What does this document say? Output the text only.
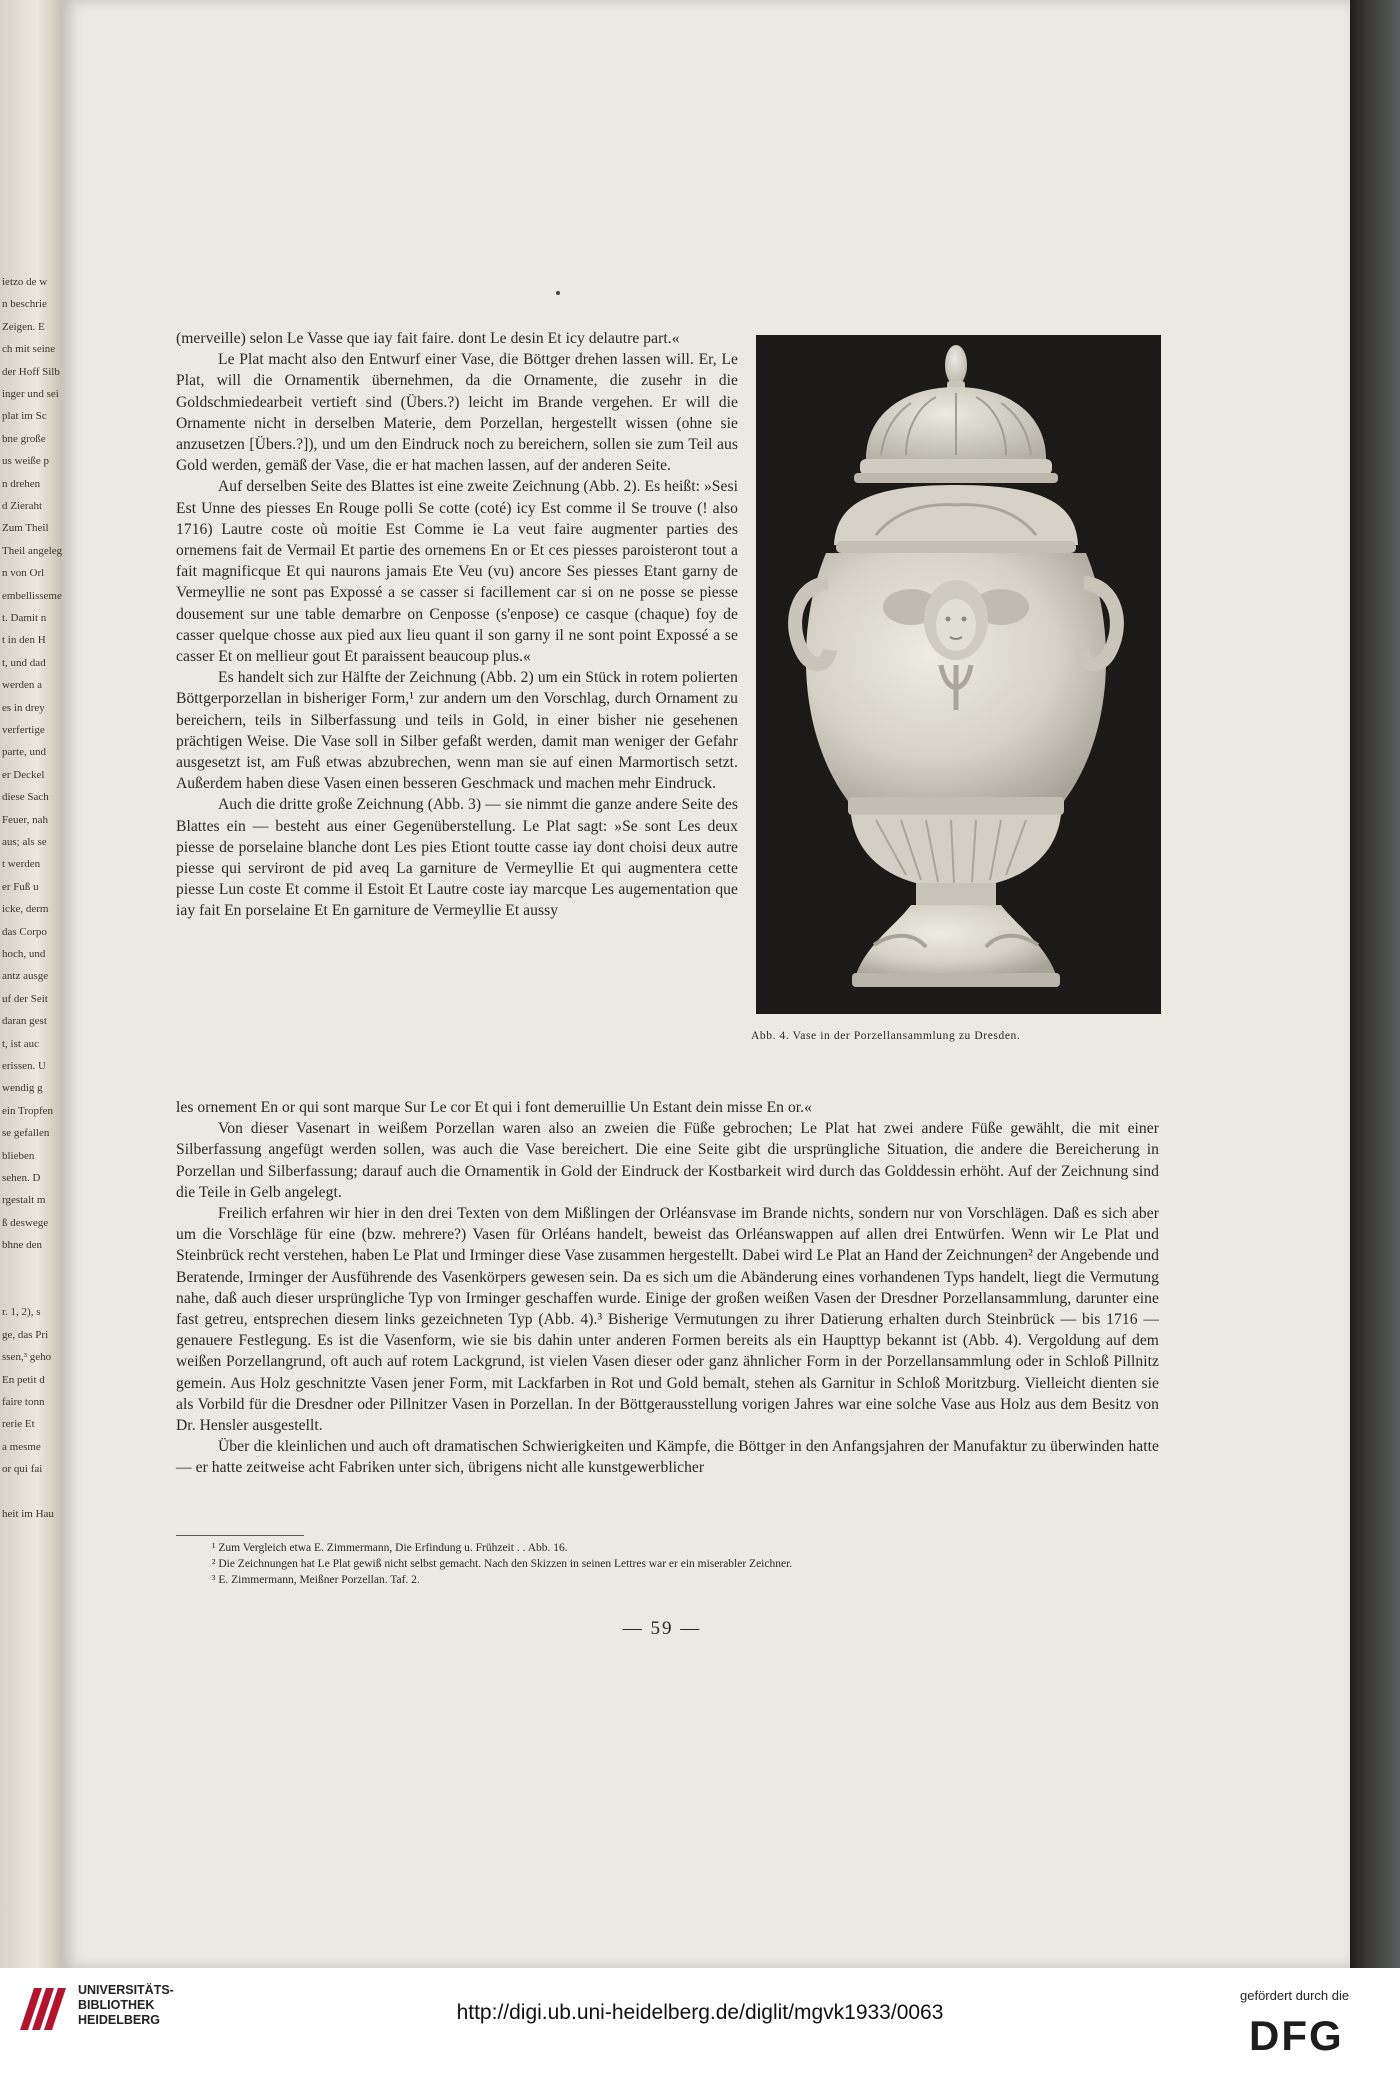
ietzo de w
n beschrie
Zeigen. E
ch mit seine
der Hoff Silb
inger und sei
plat im Sc
bne große
us weiße p
n drehen
d Zieraht
Zum Theil
Theil angeleg
n von Orl
embellisseme
t. Damit n
t in den H
t, und dad
werden a
es in drey
verfertige
parte, und
er Deckel
diese Sach
Feuer, nah
aus; als se
t werden
er Fuß u
icke, derm
das Corpo
hoch, und
antz ausge
uf der Seit
daran gest
t, ist auc
erissen. U
wendig g
ein Tropfen
se gefallen
blieben
sehen. D
rgestalt m
ß deswege
bhne den
r. 1, 2), s
ge, das Pri
ssen,³ geho
En petit d
faire tonn
rerie Et
a mesme
or qui fai
heit im Hau

(merveille) selon Le Vasse que iay fait faire. dont Le desin Et icy delautre part.«

Le Plat macht also den Entwurf einer Vase, die Böttger drehen lassen will. Er, Le Plat, will die Ornamentik übernehmen, da die Ornamente, die zusehr in die Goldschmiedearbeit vertieft sind (Übers.?) leicht im Brande vergehen. Er will die Ornamente nicht in derselben Materie, dem Porzellan, hergestellt wissen (ohne sie anzusetzen [Übers.?]), und um den Eindruck noch zu bereichern, sollen sie zum Teil aus Gold werden, gemäß der Vase, die er hat machen lassen, auf der anderen Seite.

Auf derselben Seite des Blattes ist eine zweite Zeichnung (Abb. 2). Es heißt: »Sesi Est Unne des piesses En Rouge polli Se cotte (coté) icy Est comme il Se trouve (! also 1716) Lautre coste où moitie Est Comme ie La veut faire augmenter parties des ornemens fait de Vermail Et partie des ornemens En or Et ces piesses paroisteront tout a fait magnificque Et qui naurons jamais Ete Veu (vu) ancore Ses piesses Etant garny de Vermeyllie ne sont pas Expossé a se casser si facillement car si on ne posse se piesse dousement sur une table demarbre on Cenposse (s'enpose) ce casque (chaque) foy de casser quelque chosse aux pied aux lieu quant il son garny il ne sont point Expossé a se casser Et on mellieur gout Et paraissent beaucoup plus.«

Es handelt sich zur Hälfte der Zeichnung (Abb. 2) um ein Stück in rotem polierten Böttgerporzellan in bisheriger Form,¹ zur andern um den Vorschlag, durch Ornament zu bereichern, teils in Silberfassung und teils in Gold, in einer bisher nie gesehenen prächtigen Weise. Die Vase soll in Silber gefaßt werden, damit man weniger der Gefahr ausgesetzt ist, am Fuß etwas abzubrechen, wenn man sie auf einen Marmortisch setzt. Außerdem haben diese Vasen einen besseren Geschmack und machen mehr Eindruck.

Auch die dritte große Zeichnung (Abb. 3) — sie nimmt die ganze andere Seite des Blattes ein — besteht aus einer Gegenüberstellung. Le Plat sagt: »Se sont Les deux piesse de porselaine blanche dont Les pies Etiont toutte casse iay dont choisi deux autre piesse qui serviront de pid aveq La garniture de Vermeyllie Et qui augmentera cette piesse Lun coste Et comme il Estoit Et Lautre coste iay marcque Les augementation que iay fait En porselaine Et En garniture de Vermeyllie Et aussy

Abb. 4. Vase in der Porzellansammlung zu Dresden.

les ornement En or qui sont marque Sur Le cor Et qui i font demeruillie Un Estant dein misse En or.«

Von dieser Vasenart in weißem Porzellan waren also an zweien die Füße gebrochen; Le Plat hat zwei andere Füße gewählt, die mit einer Silberfassung angefügt werden sollen, was auch die Vase bereichert. Die eine Seite gibt die ursprüngliche Situation, die andere die Bereicherung in Porzellan und Silberfassung; darauf auch die Ornamentik in Gold der Eindruck der Kostbarkeit wird durch das Golddessin erhöht. Auf der Zeichnung sind die Teile in Gelb angelegt.

Freilich erfahren wir hier in den drei Texten von dem Mißlingen der Orléansvase im Brande nichts, sondern nur von Vorschlägen. Daß es sich aber um die Vorschläge für eine (bzw. mehrere?) Vasen für Orléans handelt, beweist das Orléanswappen auf allen drei Entwürfen. Wenn wir Le Plat und Steinbrück recht verstehen, haben Le Plat und Irminger diese Vase zusammen hergestellt. Dabei wird Le Plat an Hand der Zeichnungen² der Angebende und Beratende, Irminger der Ausführende des Vasenkörpers gewesen sein. Da es sich um die Abänderung eines vorhandenen Typs handelt, liegt die Vermutung nahe, daß auch dieser ursprüngliche Typ von Irminger geschaffen wurde. Einige der großen weißen Vasen der Dresdner Porzellansammlung, darunter eine fast getreu, entsprechen diesem links gezeichneten Typ (Abb. 4).³ Bisherige Vermutungen zu ihrer Datierung erhalten durch Steinbrück — bis 1716 — genauere Festlegung. Es ist die Vasenform, wie sie bis dahin unter anderen Formen bereits als ein Haupttyp bekannt ist (Abb. 4). Vergoldung auf dem weißen Porzellangrund, oft auch auf rotem Lackgrund, ist vielen Vasen dieser oder ganz ähnlicher Form in der Porzellansammlung oder in Schloß Pillnitz gemein. Aus Holz geschnitzte Vasen jener Form, mit Lackfarben in Rot und Gold bemalt, stehen als Garnitur in Schloß Moritzburg. Vielleicht dienten sie als Vorbild für die Dresdner oder Pillnitzer Vasen in Porzellan. In der Böttgerausstellung vorigen Jahres war eine solche Vase aus Holz aus dem Besitz von Dr. Hensler ausgestellt.

Über die kleinlichen und auch oft dramatischen Schwierigkeiten und Kämpfe, die Böttger in den Anfangsjahren der Manufaktur zu überwinden hatte — er hatte zeitweise acht Fabriken unter sich, übrigens nicht alle kunstgewerblicher

¹ Zum Vergleich etwa E. Zimmermann, Die Erfindung u. Frühzeit . . Abb. 16.

² Die Zeichnungen hat Le Plat gewiß nicht selbst gemacht. Nach den Skizzen in seinen Lettres war er ein miserabler Zeichner.

³ E. Zimmermann, Meißner Porzellan. Taf. 2.

— 59 —
UNIVERSITÄTS-
BIBLIOTHEK
HEIDELBERG	http://digi.ub.uni-heidelberg.de/diglit/mgvk1933/0063
gefördert durch die
DFG
